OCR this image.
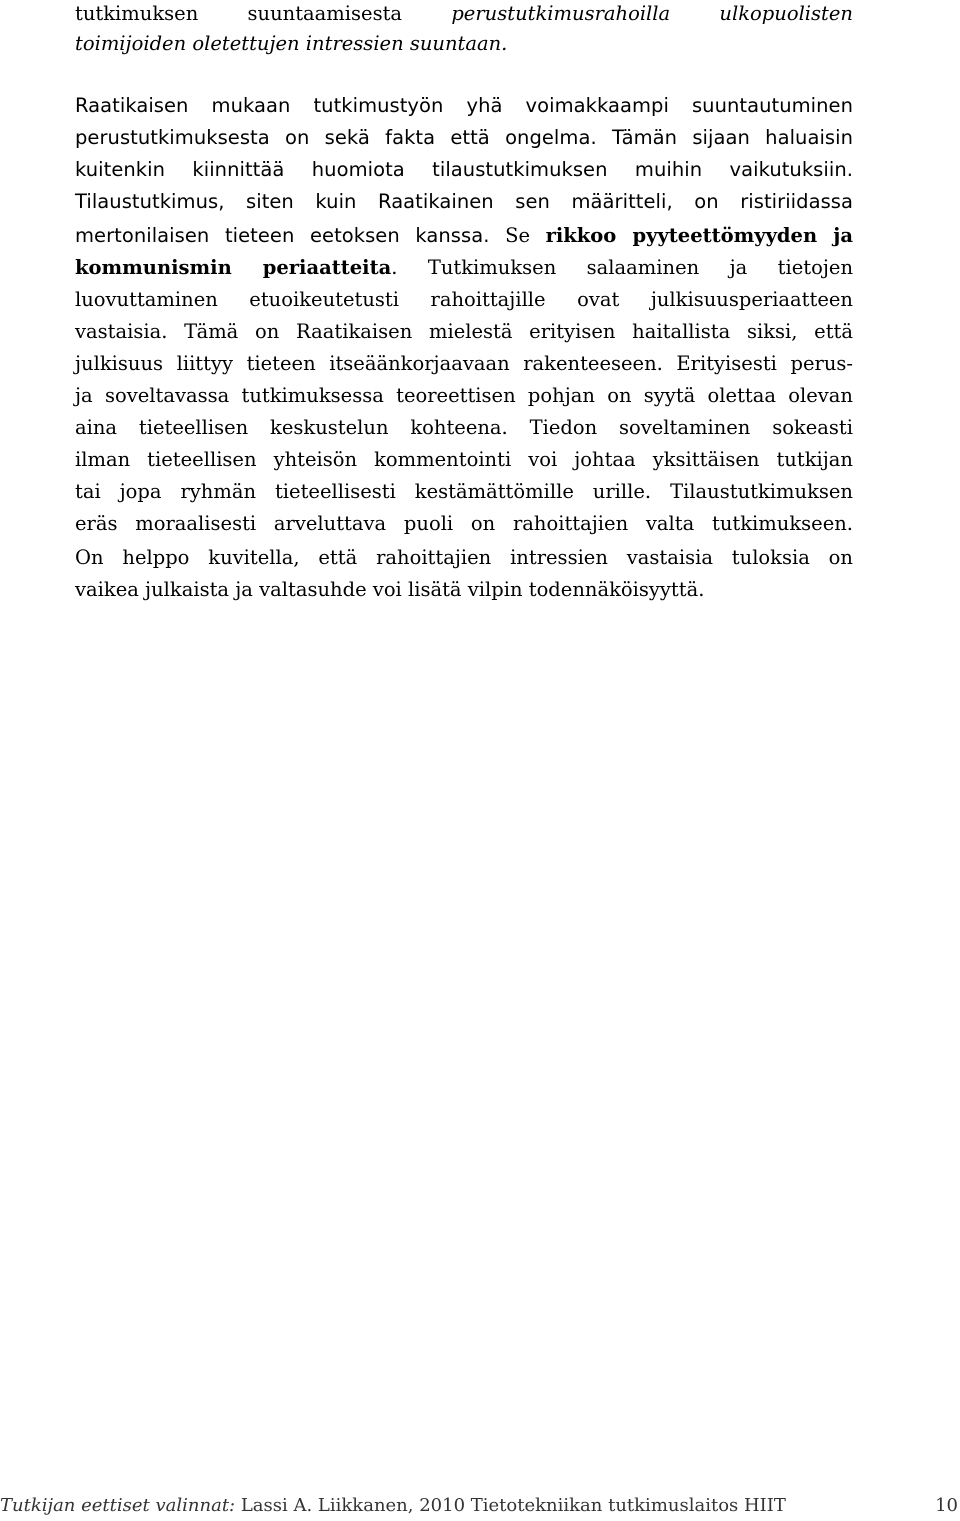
tutkimuksen suuntaamisesta perustutkimusrahoilla ulkopuolisten
toimijoiden oletettujen intressien suuntaan.
Raatikaisen mukaan tutkimustyön yhä voimakkaampi suuntautuminen
perustutkimuksesta on sekä fakta että ongelma. Tämän sijaan haluaisin
kuitenkin kiinnittää huomiota tilaustutkimuksen muihin vaikutuksiin.
Tilaustutkimus, siten kuin Raatikainen sen määritteli, on ristiriidassa
mertonilaisen tieteen eetoksen kanssa. Se rikkoo pyyteettömyyden ja
kommunismin periaatteita. Tutkimuksen salaaminen ja tietojen
luovuttaminen etuoikeutetusti rahoittajille ovat julkisuusperiaatteen
vastaisia. Tämä on Raatikaisen mielestä erityisen haitallista siksi, että
julkisuus liittyy tieteen itseäänkorjaavaan rakenteeseen. Erityisesti perus-
ja soveltavassa tutkimuksessa teoreettisen pohjan on syytä olettaa olevan
aina tieteellisen keskustelun kohteena. Tiedon soveltaminen sokeasti
ilman tieteellisen yhteisön kommentointi voi johtaa yksittäisen tutkijan
tai jopa ryhmän tieteellisesti kestämättömille urille. Tilaustutkimuksen
eräs moraalisesti arveluttava puoli on rahoittajien valta tutkimukseen.
On helppo kuvitella, että rahoittajien intressien vastaisia tuloksia on
vaikea julkaista ja valtasuhde voi lisätä vilpin todennäköisyyttä.
Tutkijan eettiset valinnat: Lassi A. Liikkanen, 2010 Tietotekniikan tutkimuslaitos HIIT	10
